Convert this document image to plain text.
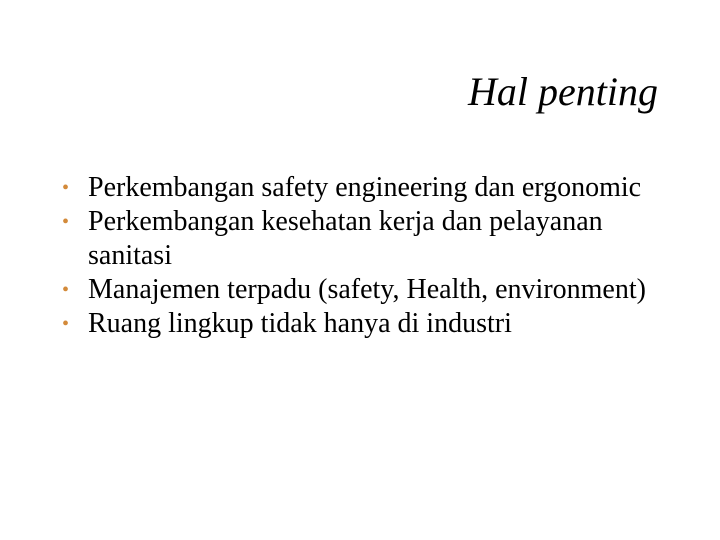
Hal penting
• Perkembangan safety engineering dan ergonomic
• Perkembangan kesehatan kerja dan pelayanan sanitasi
• Manajemen terpadu (safety, Health, environment)
• Ruang lingkup tidak hanya di industri
